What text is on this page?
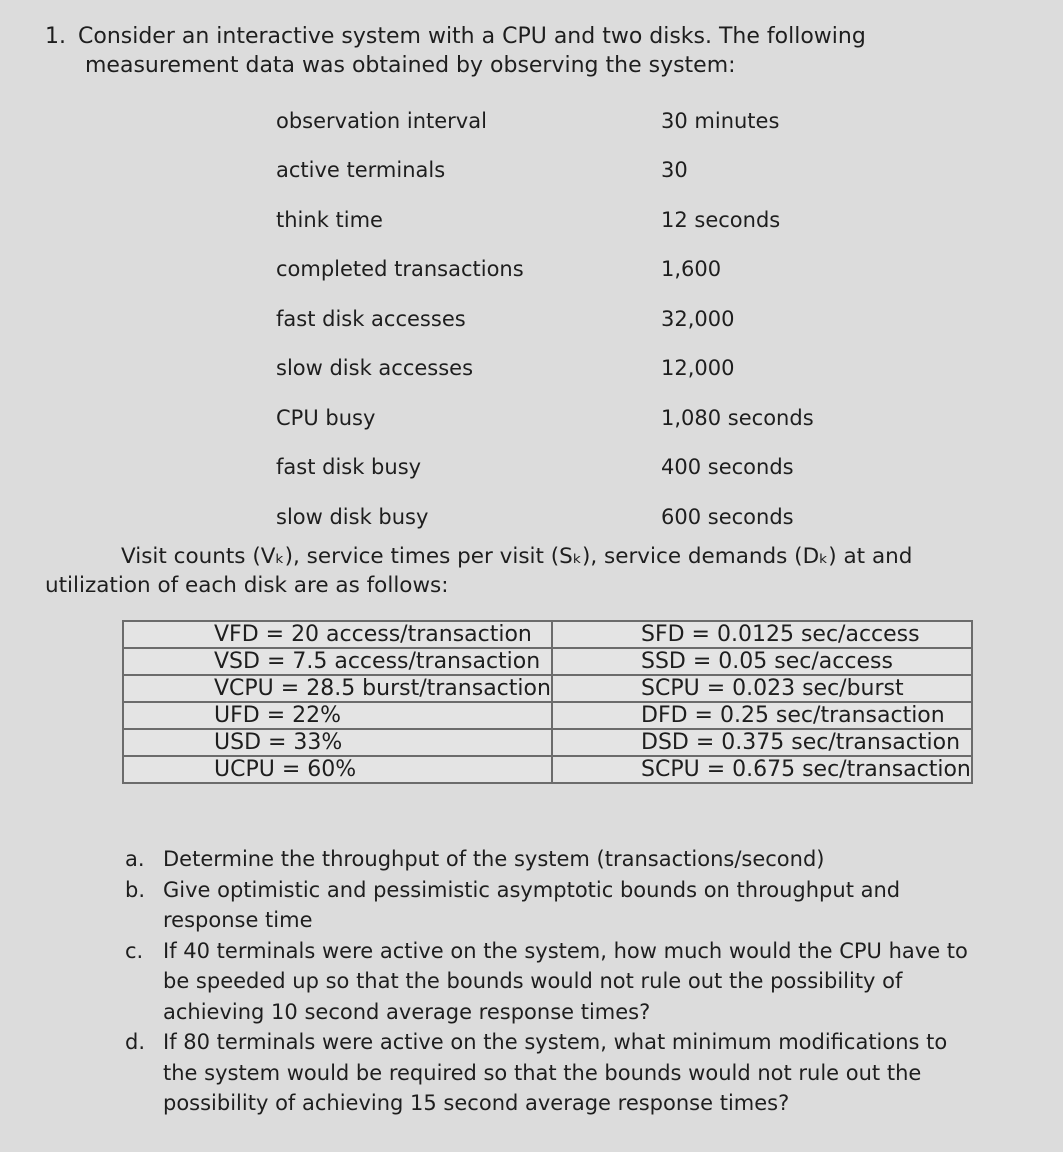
1. Consider an interactive system with a CPU and two disks. The following
measurement data was obtained by observing the system:
observation interval	30 minutes
active terminals	30
think time	12 seconds
completed transactions	1,600
fast disk accesses	32,000
slow disk accesses	12,000
CPU busy	1,080 seconds
fast disk busy	400 seconds
slow disk busy	600 seconds
Visit counts (Vₖ), service times per visit (Sₖ), service demands (Dₖ) at and
utilization of each disk are as follows:
VFD = 20 access/transaction	SFD = 0.0125 sec/access
VSD = 7.5 access/transaction	SSD = 0.05 sec/access
VCPU = 28.5 burst/transaction	SCPU = 0.023 sec/burst
UFD = 22%	DFD = 0.25 sec/transaction
USD = 33%	DSD = 0.375 sec/transaction
UCPU = 60%	SCPU = 0.675 sec/transaction
a. Determine the throughput of the system (transactions/second)
b. Give optimistic and pessimistic asymptotic bounds on throughput and response time
c. If 40 terminals were active on the system, how much would the CPU have to be speeded up so that the bounds would not rule out the possibility of achieving 10 second average response times?
d. If 80 terminals were active on the system, what minimum modifications to the system would be required so that the bounds would not rule out the possibility of achieving 15 second average response times?
